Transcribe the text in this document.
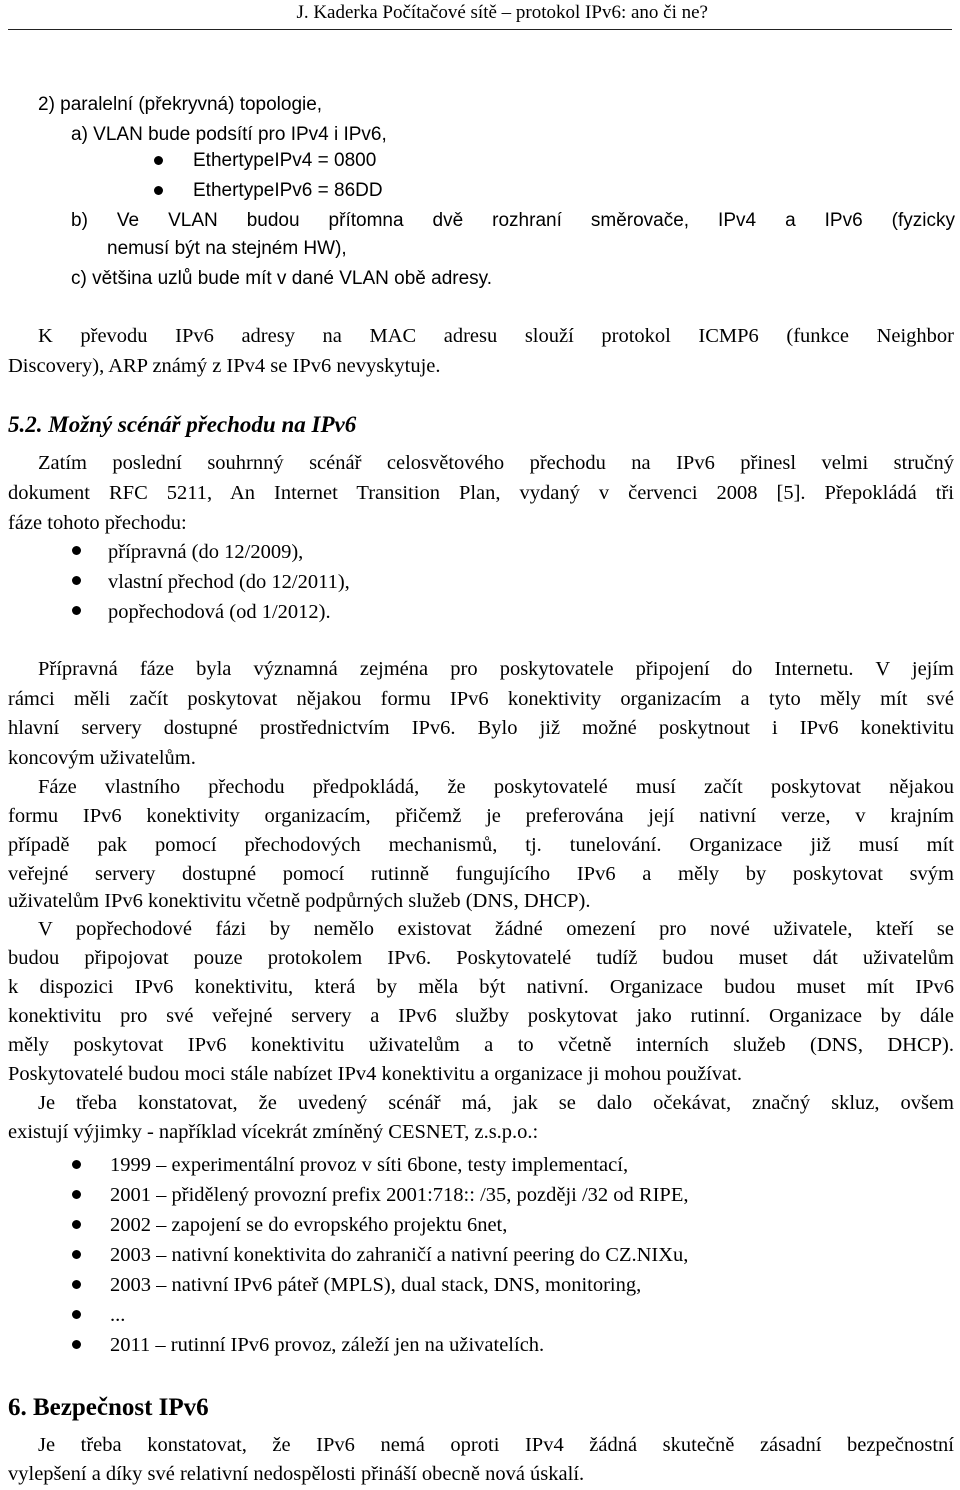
J. Kaderka Počítačové sítě – protokol IPv6: ano či ne?
2) paralelní (překryvná) topologie,
a) VLAN bude podsítí pro IPv4 i IPv6,
EthertypeIPv4 = 0800
EthertypeIPv6 = 86DD
b) Ve VLAN budou přítomna dvě rozhraní směrovače, IPv4 a IPv6 (fyzicky
nemusí být na stejném HW),
c) většina uzlů bude mít v dané VLAN obě adresy.
K převodu IPv6 adresy na MAC adresu slouží protokol ICMP6 (funkce Neighbor
Discovery), ARP známý z IPv4 se IPv6 nevyskytuje.
5.2. Možný scénář přechodu na IPv6
Zatím poslední souhrnný scénář celosvětového přechodu na IPv6 přinesl velmi stručný
dokument RFC 5211, An Internet Transition Plan, vydaný v červenci 2008 [5]. Přepokládá tři
fáze tohoto přechodu:
přípravná (do 12/2009),
vlastní přechod (do 12/2011),
popřechodová (od 1/2012).
Přípravná fáze byla významná zejména pro poskytovatele připojení do Internetu. V jejím
rámci měli začít poskytovat nějakou formu IPv6 konektivity organizacím a tyto měly mít své
hlavní servery dostupné prostřednictvím IPv6. Bylo již možné poskytnout i IPv6 konektivitu
koncovým uživatelům.
Fáze vlastního přechodu předpokládá, že poskytovatelé musí začít poskytovat nějakou
formu IPv6 konektivity organizacím, přičemž je preferována její nativní verze, v krajním
případě pak pomocí přechodových mechanismů, tj. tunelování. Organizace již musí mít
veřejné servery dostupné pomocí rutinně fungujícího IPv6 a měly by poskytovat svým
uživatelům IPv6 konektivitu včetně podpůrných služeb (DNS, DHCP).
V popřechodové fázi by nemělo existovat žádné omezení pro nové uživatele, kteří se
budou připojovat pouze protokolem IPv6. Poskytovatelé tudíž budou muset dát uživatelům
k dispozici IPv6 konektivitu, která by měla být nativní. Organizace budou muset mít IPv6
konektivitu pro své veřejné servery a IPv6 služby poskytovat jako rutinní. Organizace by dále
měly poskytovat IPv6 konektivitu uživatelům a to včetně interních služeb (DNS, DHCP).
Poskytovatelé budou moci stále nabízet IPv4 konektivitu a organizace ji mohou používat.
Je třeba konstatovat, že uvedený scénář má, jak se dalo očekávat, značný skluz, ovšem
existují výjimky - například vícekrát zmíněný CESNET, z.s.p.o.:
1999 – experimentální provoz v síti 6bone, testy implementací,
2001 – přidělený provozní prefix 2001:718:: /35, později /32 od RIPE,
2002 – zapojení se do evropského projektu 6net,
2003 – nativní konektivita do zahraničí a nativní peering do CZ.NIXu,
2003 – nativní IPv6 páteř (MPLS), dual stack, DNS, monitoring,
...
2011 – rutinní IPv6 provoz, záleží jen na uživatelích.
6. Bezpečnost IPv6
Je třeba konstatovat, že IPv6 nemá oproti IPv4 žádná skutečně zásadní bezpečnostní
vylepšení a díky své relativní nedospělosti přináší obecně nová úskalí.
